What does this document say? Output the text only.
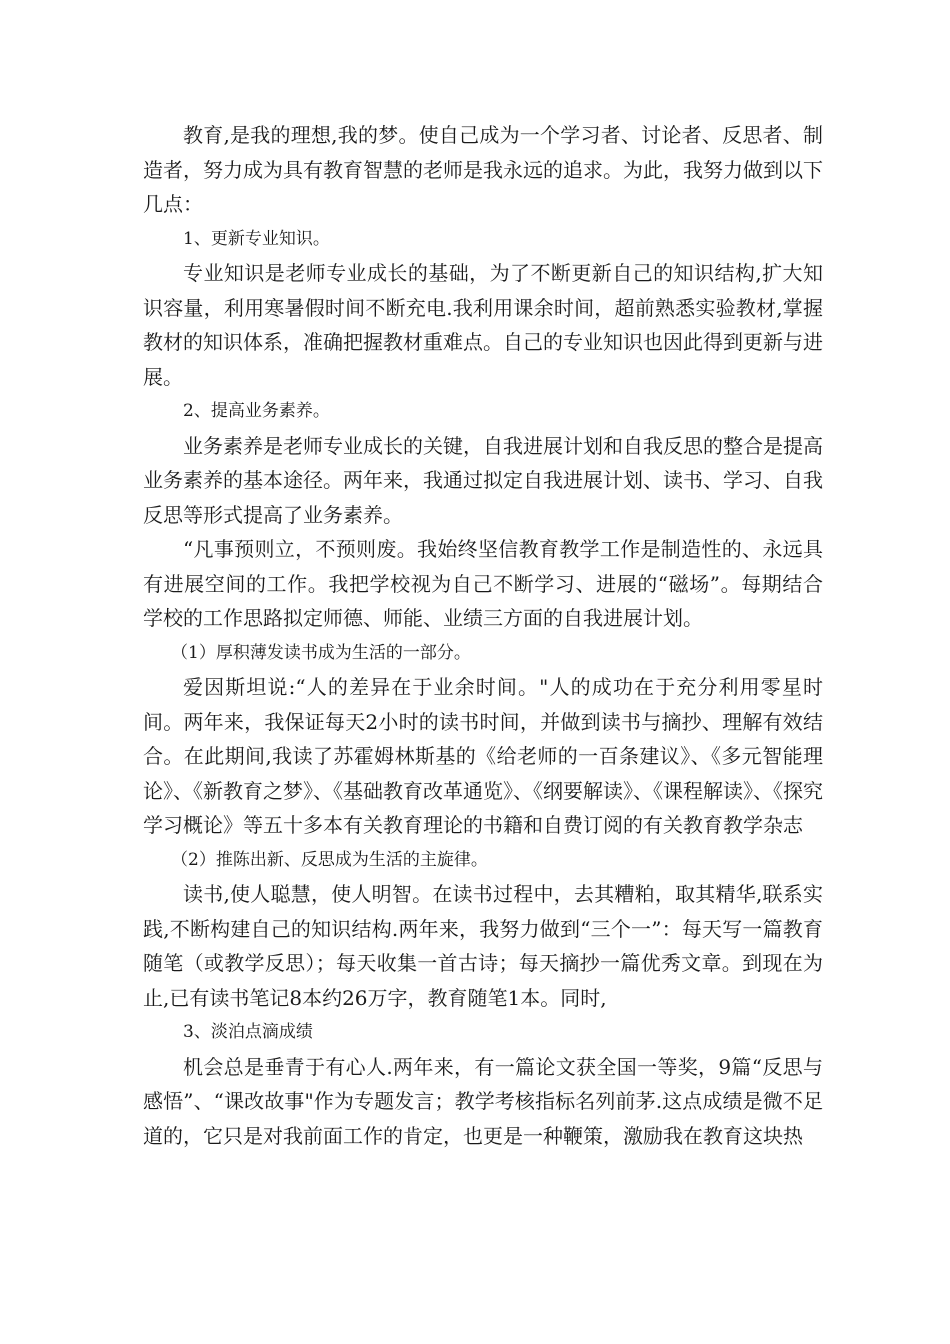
教育,是我的理想,我的梦。使自己成为一个学习者、讨论者、反思者、制造者，努力成为具有教育智慧的老师是我永远的追求。为此，我努力做到以下几点：

1、更新专业知识。

专业知识是老师专业成长的基础，为了不断更新自己的知识结构,扩大知识容量，利用寒暑假时间不断充电.我利用课余时间，超前熟悉实验教材,掌握教材的知识体系，准确把握教材重难点。自己的专业知识也因此得到更新与进展。

2、提高业务素养。

业务素养是老师专业成长的关键，自我进展计划和自我反思的整合是提高业务素养的基本途径。两年来，我通过拟定自我进展计划、读书、学习、自我反思等形式提高了业务素养。

“凡事预则立，不预则废。我始终坚信教育教学工作是制造性的、永远具有进展空间的工作。我把学校视为自己不断学习、进展的“磁场”。每期结合学校的工作思路拟定师德、师能、业绩三方面的自我进展计划。

（1）厚积薄发读书成为生活的一部分。

爱因斯坦说:“人的差异在于业余时间。"人的成功在于充分利用零星时间。两年来，我保证每天2小时的读书时间，并做到读书与摘抄、理解有效结合。在此期间,我读了苏霍姆林斯基的《给老师的一百条建议》、《多元智能理论》、《新教育之梦》、《基础教育改革通览》、《纲要解读》、《课程解读》、《探究学习概论》等五十多本有关教育理论的书籍和自费订阅的有关教育教学杂志

（2）推陈出新、反思成为生活的主旋律。

读书,使人聪慧，使人明智。在读书过程中，去其糟粕，取其精华,联系实践,不断构建自己的知识结构.两年来，我努力做到“三个一”：每天写一篇教育随笔（或教学反思）；每天收集一首古诗；每天摘抄一篇优秀文章。到现在为止,已有读书笔记8本约26万字，教育随笔1本。同时,

3、淡泊点滴成绩

机会总是垂青于有心人.两年来，有一篇论文获全国一等奖，9篇“反思与感悟”、“课改故事"作为专题发言；教学考核指标名列前茅.这点成绩是微不足道的，它只是对我前面工作的肯定，也更是一种鞭策，激励我在教育这块热
